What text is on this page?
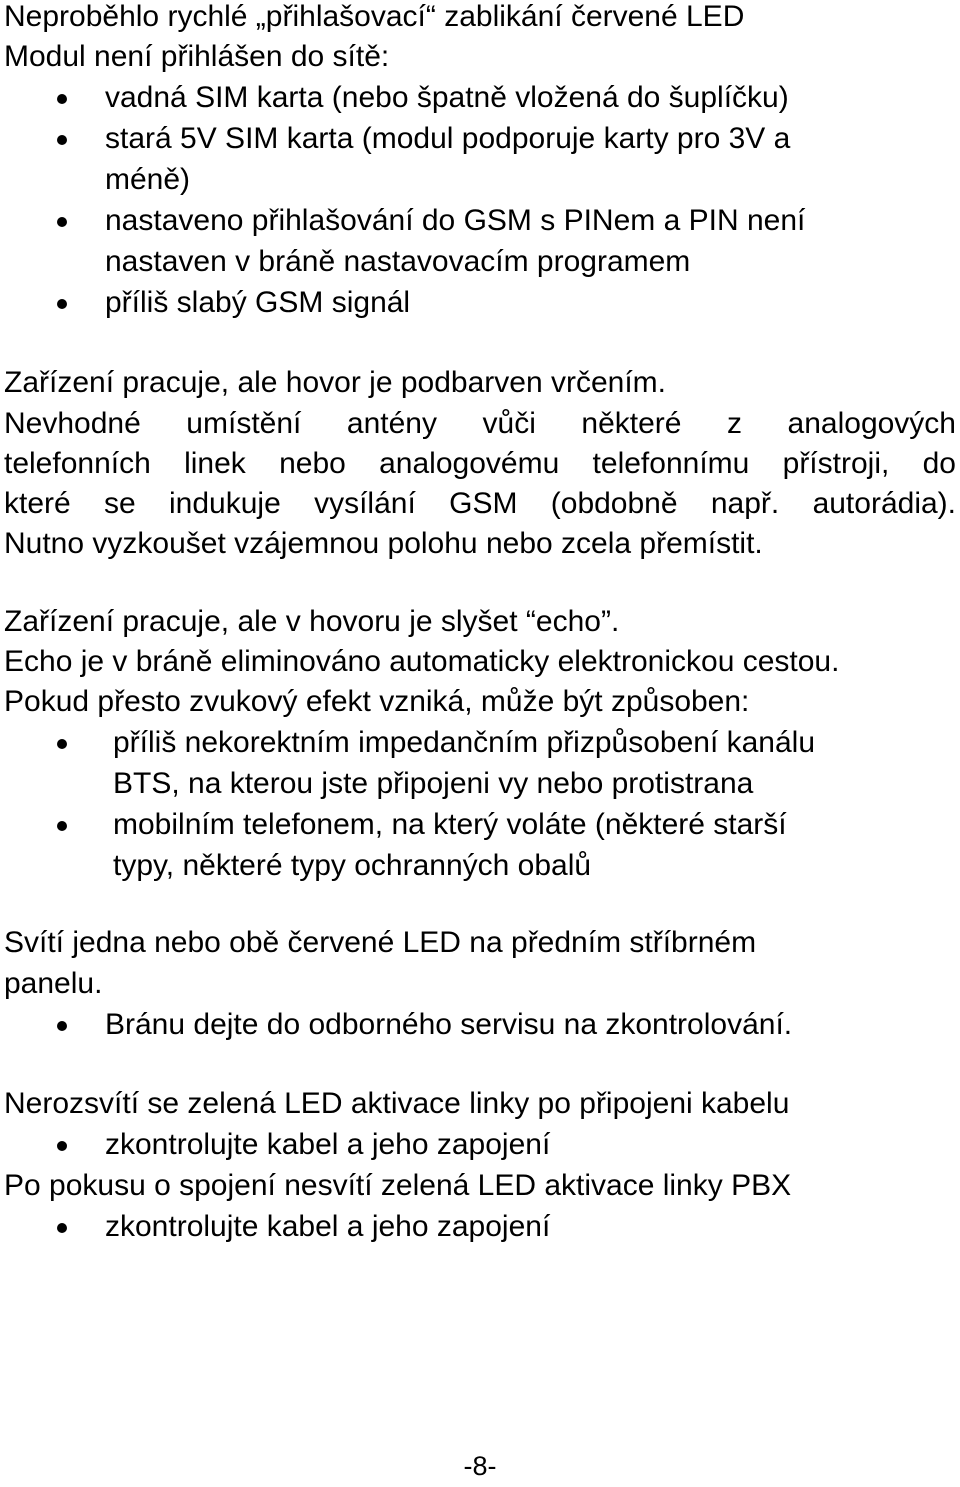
Neproběhlo rychlé „přihlašovací“ zablikání červené LED
Modul není přihlášen do sítě:
vadná SIM karta (nebo špatně vložená do šuplíčku)
stará 5V SIM karta (modul podporuje karty pro 3V a
méně)
nastaveno přihlašování do GSM s PINem a PIN není
nastaven v bráně nastavovacím programem
příliš slabý GSM signál
Zařízení pracuje, ale hovor je podbarven vrčením.
Nevhodné umístění antény vůči některé z analogových
telefonních linek nebo analogovému telefonnímu přístroji, do
které se indukuje vysílání GSM (obdobně např. autorádia).
Nutno vyzkoušet vzájemnou polohu nebo zcela přemístit.
Zařízení pracuje, ale v hovoru je slyšet “echo”.
Echo je v bráně eliminováno automaticky elektronickou cestou.
Pokud přesto zvukový efekt vzniká, může být způsoben:
příliš nekorektním impedančním přizpůsobení kanálu
BTS, na kterou jste připojeni vy nebo protistrana
mobilním telefonem, na který voláte (některé starší
typy, některé typy ochranných obalů
Svítí jedna nebo obě červené LED na předním stříbrném
panelu.
Bránu dejte do odborného servisu na zkontrolování.
Nerozsvítí se zelená LED aktivace linky po připojeni kabelu
zkontrolujte kabel a jeho zapojení
Po pokusu o spojení nesvítí zelená LED aktivace linky PBX
zkontrolujte kabel a jeho zapojení
-8-
